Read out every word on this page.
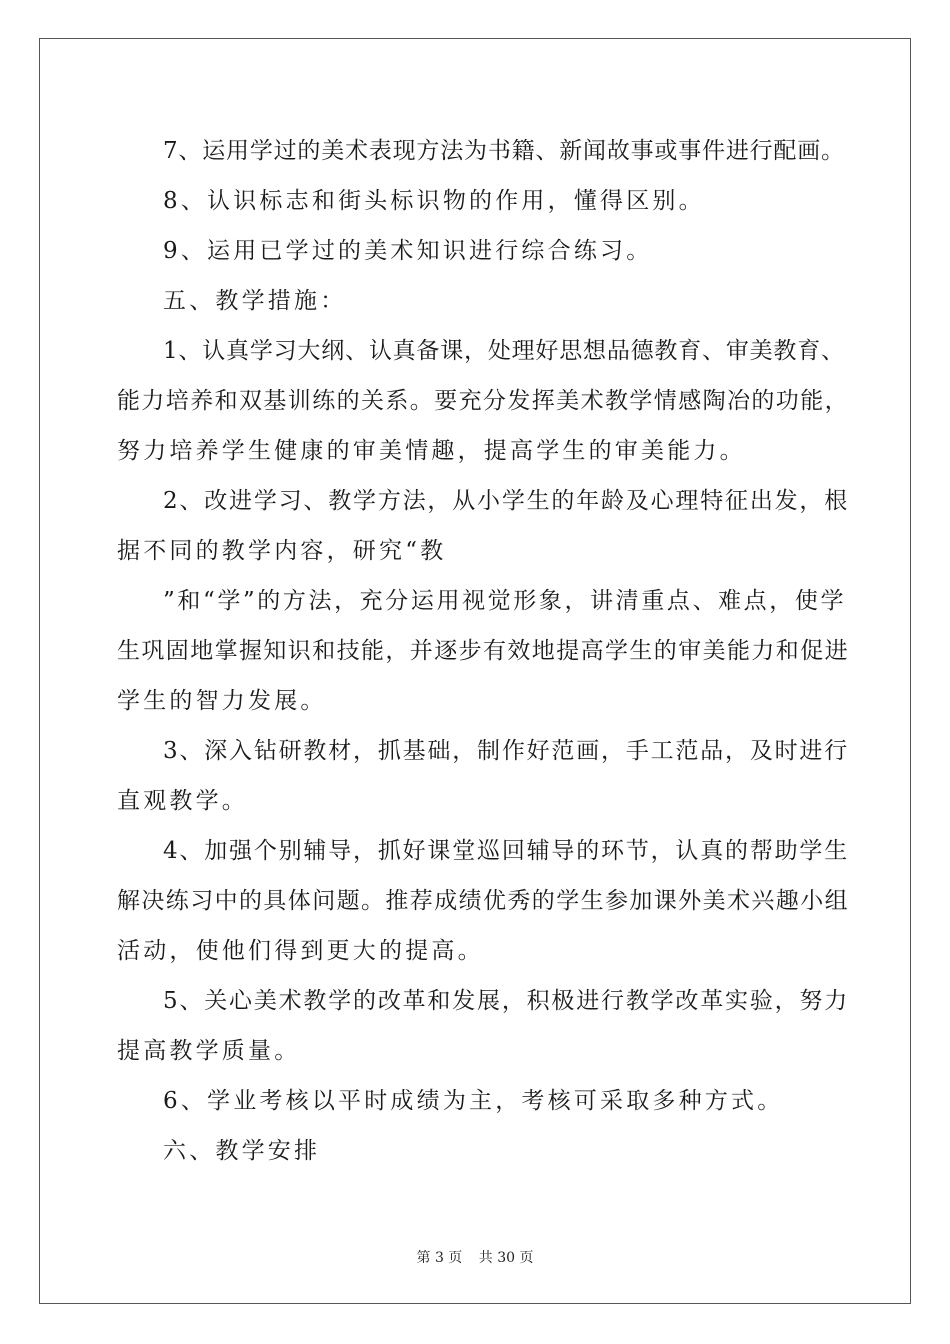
7、运用学过的美术表现方法为书籍、新闻故事或事件进行配画。
8、认识标志和街头标识物的作用，懂得区别。
9、运用已学过的美术知识进行综合练习。
五、教学措施：
1、认真学习大纲、认真备课，处理好思想品德教育、审美教育、
能力培养和双基训练的关系。要充分发挥美术教学情感陶冶的功能，
努力培养学生健康的审美情趣，提高学生的审美能力。
2、改进学习、教学方法，从小学生的年龄及心理特征出发，根
据不同的教学内容，研究“教
”和“学”的方法，充分运用视觉形象，讲清重点、难点，使学
生巩固地掌握知识和技能，并逐步有效地提高学生的审美能力和促进
学生的智力发展。
3、深入钻研教材，抓基础，制作好范画，手工范品，及时进行
直观教学。
4、加强个别辅导，抓好课堂巡回辅导的环节，认真的帮助学生
解决练习中的具体问题。推荐成绩优秀的学生参加课外美术兴趣小组
活动，使他们得到更大的提高。
5、关心美术教学的改革和发展，积极进行教学改革实验，努力
提高教学质量。
6、学业考核以平时成绩为主，考核可采取多种方式。
六、教学安排
第 3 页 共 30 页
